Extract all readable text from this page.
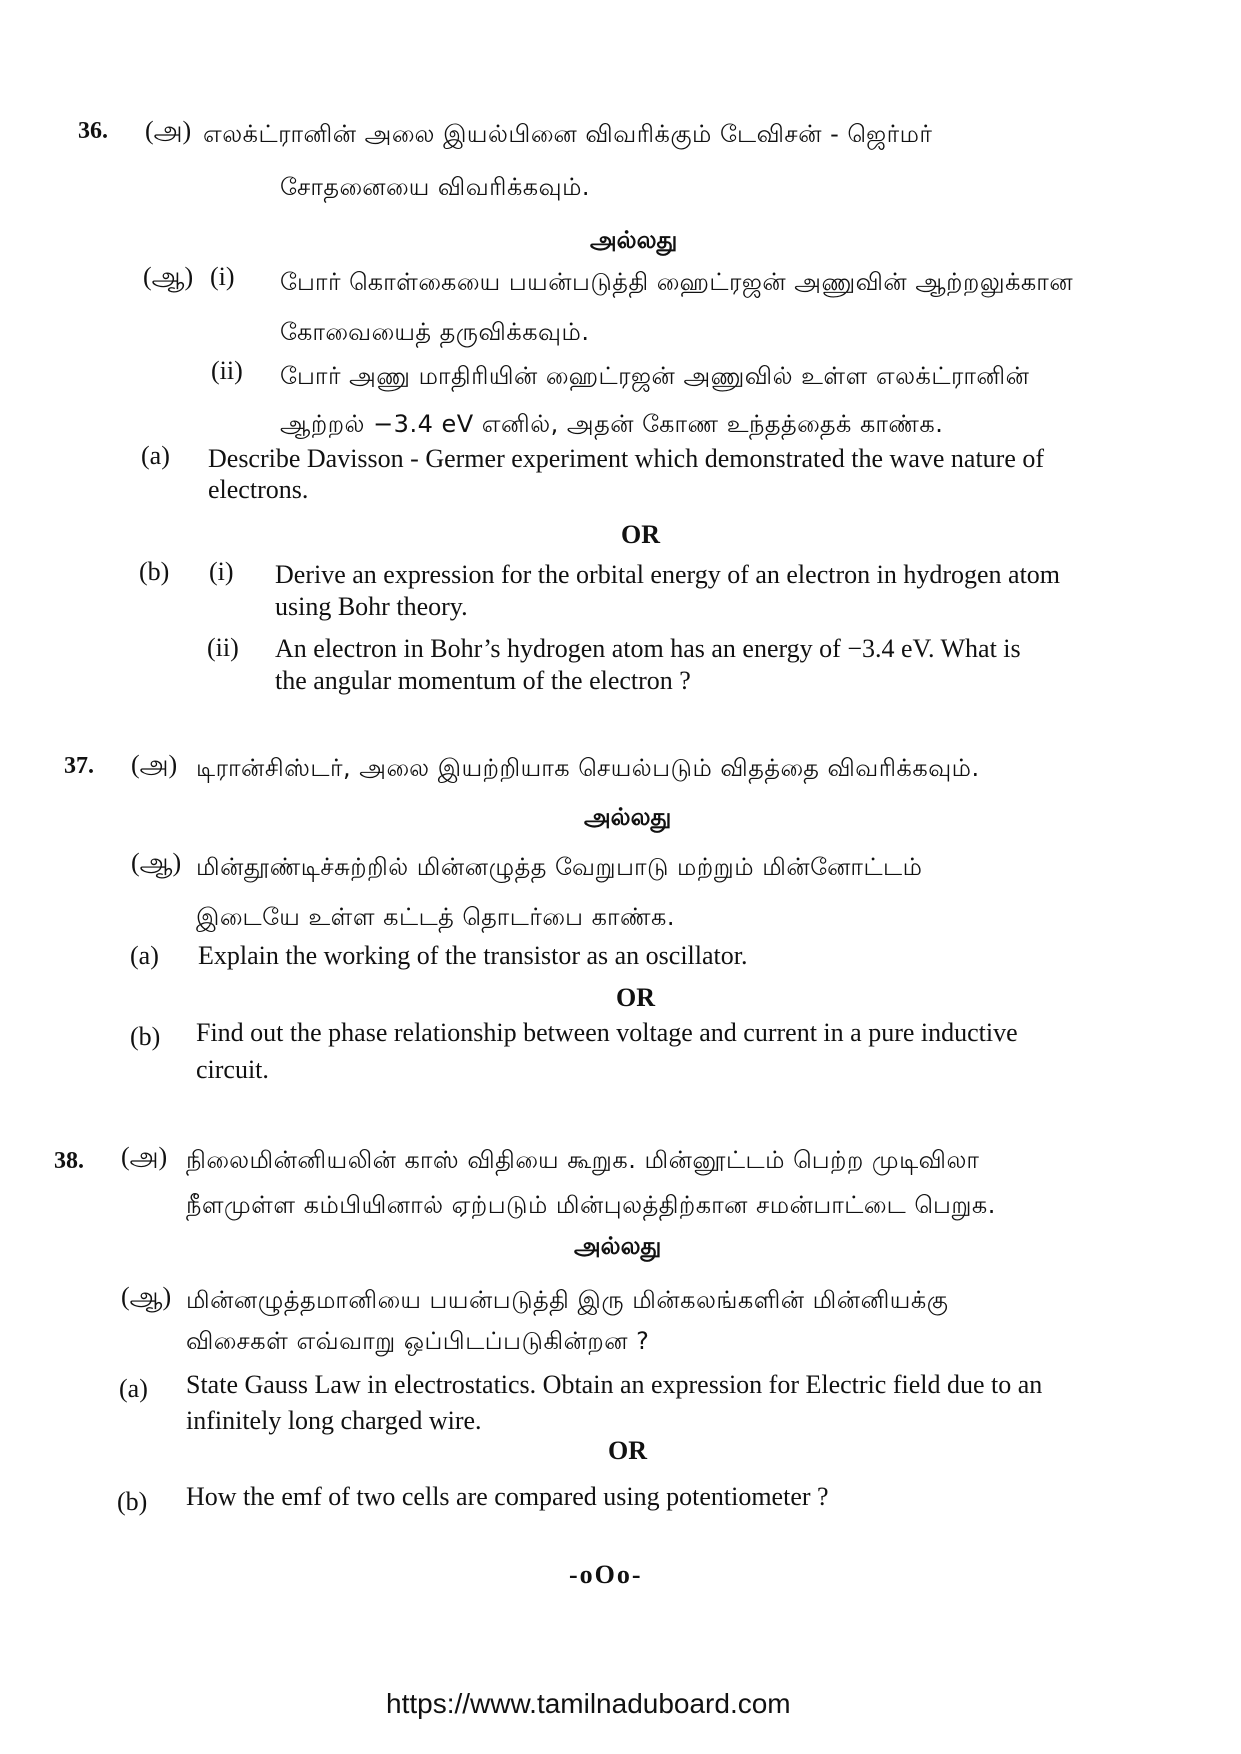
36. (அ) எலக்ட்ரானின் அலை இயல்பினை விவரிக்கும் டேவிசன் - ஜெர்மர்
சோதனையை விவரிக்கவும்.
அல்லது
(ஆ) (i) போர் கொள்கையை பயன்படுத்தி ஹைட்ரஜன் அணுவின் ஆற்றலுக்கான
கோவையைத் தருவிக்கவும்.
(ii) போர் அணு மாதிரியின் ஹைட்ரஜன் அணுவில் உள்ள எலக்ட்ரானின்
ஆற்றல் −3.4 eV எனில், அதன் கோண உந்தத்தைக் காண்க.
(a) Describe Davisson - Germer experiment which demonstrated the wave nature of
electrons.
OR
(b) (i) Derive an expression for the orbital energy of an electron in hydrogen atom
using Bohr theory.
(ii) An electron in Bohr’s hydrogen atom has an energy of −3.4 eV. What is
the angular momentum of the electron ?
37. (அ) டிரான்சிஸ்டர், அலை இயற்றியாக செயல்படும் விதத்தை விவரிக்கவும்.
அல்லது
(ஆ) மின்தூண்டிச்சுற்றில் மின்னழுத்த வேறுபாடு மற்றும் மின்னோட்டம்
இடையே உள்ள கட்டத் தொடர்பை காண்க.
(a) Explain the working of the transistor as an oscillator.
OR
(b) Find out the phase relationship between voltage and current in a pure inductive
circuit.
38. (அ) நிலைமின்னியலின் காஸ் விதியை கூறுக. மின்னூட்டம் பெற்ற முடிவிலா
நீளமுள்ள கம்பியினால் ஏற்படும் மின்புலத்திற்கான சமன்பாட்டை பெறுக.
அல்லது
(ஆ) மின்னழுத்தமானியை பயன்படுத்தி இரு மின்கலங்களின் மின்னியக்கு
விசைகள் எவ்வாறு ஒப்பிடப்படுகின்றன ?
(a) State Gauss Law in electrostatics. Obtain an expression for Electric field due to an
infinitely long charged wire.
OR
(b) How the emf of two cells are compared using potentiometer ?
-oOo-
https://www.tamilnaduboard.com
